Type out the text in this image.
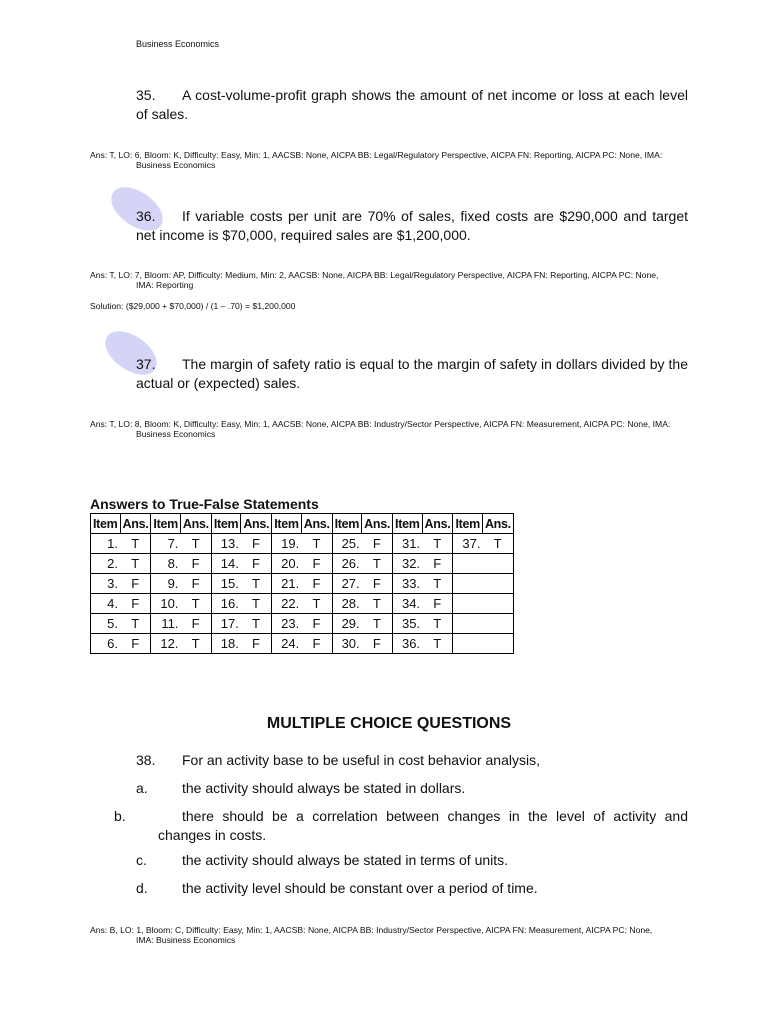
Business Economics
35. A cost-volume-profit graph shows the amount of net income or loss at each level of sales.
Ans: T, LO: 6, Bloom: K, Difficulty: Easy, Min: 1, AACSB: None, AICPA BB: Legal/Regulatory Perspective, AICPA FN: Reporting, AICPA PC: None, IMA:
Business Economics
36. If variable costs per unit are 70% of sales, fixed costs are $290,000 and target net income is $70,000, required sales are $1,200,000.
Ans: T, LO: 7, Bloom: AP, Difficulty: Medium, Min: 2, AACSB: None, AICPA BB: Legal/Regulatory Perspective, AICPA FN: Reporting, AICPA PC: None,
IMA: Reporting
Solution: ($29,000 + $70,000) / (1 – .70) = $1,200,000
37. The margin of safety ratio is equal to the margin of safety in dollars divided by the actual or (expected) sales.
Ans: T, LO: 8, Bloom: K, Difficulty: Easy, Min: 1, AACSB: None, AICPA BB: Industry/Sector Perspective, AICPA FN: Measurement, AICPA PC: None, IMA:
Business Economics
Answers to True-False Statements
Item	Ans.	Item	Ans.	Item	Ans.	Item	Ans.	Item	Ans.	Item	Ans.	Item	Ans.
1.	T	7.	T	13.	F	19.	T	25.	F	31.	T	37.	T
2.	T	8.	F	14.	F	20.	F	26.	T	32.	F		
3.	F	9.	F	15.	T	21.	F	27.	F	33.	T		
4.	F	10.	T	16.	T	22.	T	28.	T	34.	F		
5.	T	11.	F	17.	T	23.	F	29.	T	35.	T		
6.	F	12.	T	18.	F	24.	F	30.	F	36.	T		
MULTIPLE CHOICE QUESTIONS
38. For an activity base to be useful in cost behavior analysis,
a. the activity should always be stated in dollars.
b.	there should be a correlation between changes in the level of activity and changes in costs.
c.	the activity should always be stated in terms of units.
d. the activity level should be constant over a period of time.
Ans: B, LO: 1, Bloom: C, Difficulty: Easy, Min: 1, AACSB: None, AICPA BB: Industry/Sector Perspective, AICPA FN: Measurement, AICPA PC: None,
IMA: Business Economics
